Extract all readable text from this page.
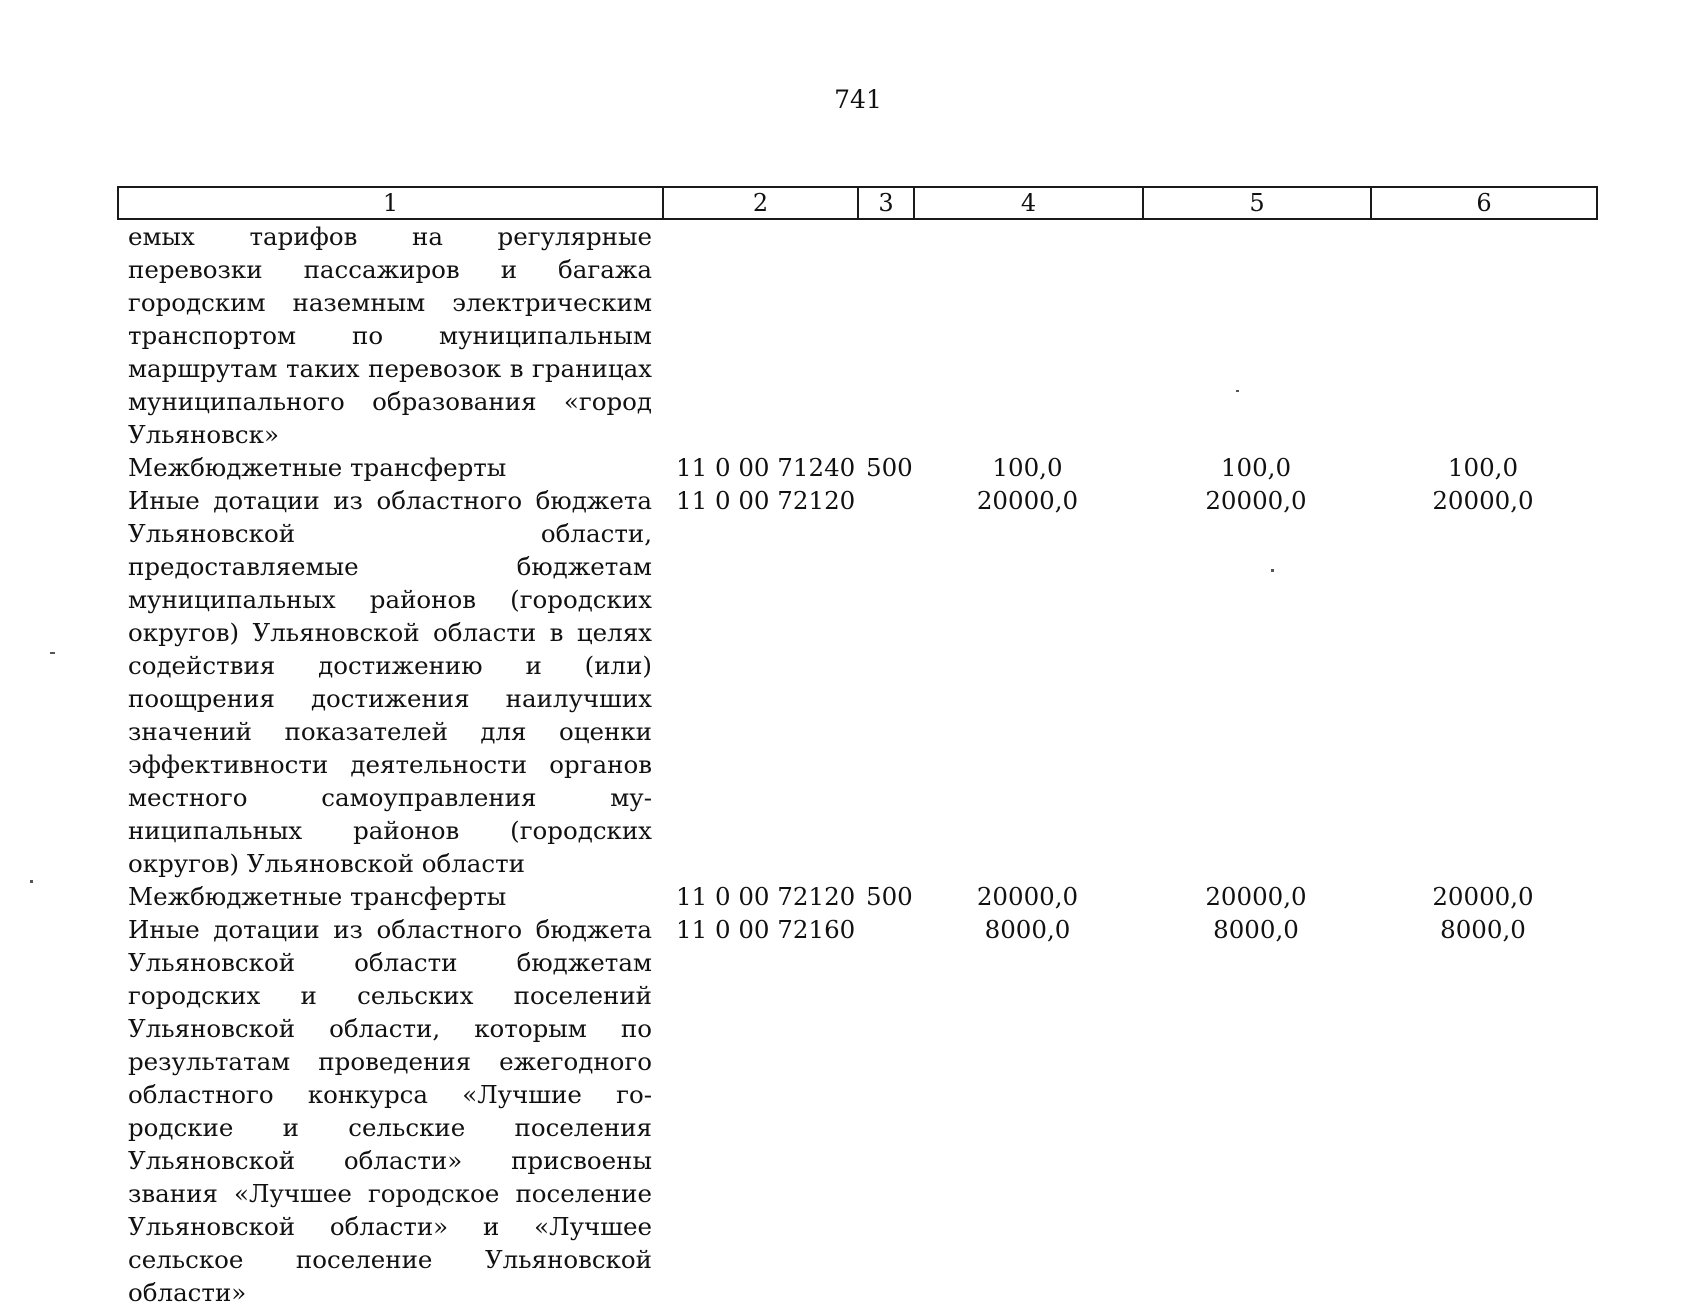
741
1	2	3	4	5	6
емых тарифов на регулярные перевозки пассажиров и багажа городским наземным электрическим транспортом по муниципальным маршрутам таких перевозок в границах муниципального образования «город Ульяновск»					
Межбюджетные трансферты	11 0 00 71240	500	100,0	100,0	100,0
Иные дотации из областного бюджета Ульяновской области, предоставляемые бюджетам муниципальных районов (городских округов) Ульяновской области в целях содействия достижению и (или) поощрения достижения наилучших значений показателей для оценки эффективности деятельности органов местного самоуправления муниципальных районов (городских округов) Ульяновской области	11 0 00 72120		20000,0	20000,0	20000,0
Межбюджетные трансферты	11 0 00 72120	500	20000,0	20000,0	20000,0
Иные дотации из областного бюджета Ульяновской области бюджетам городских и сельских поселений Ульяновской области, которым по результатам проведения ежегодного областного конкурса «Лучшие городские и сельские поселения Ульяновской области» присвоены звания «Лучшее городское поселение Ульяновской области» и «Лучшее сельское поселение Ульяновской области»	11 0 00 72160		8000,0	8000,0	8000,0
